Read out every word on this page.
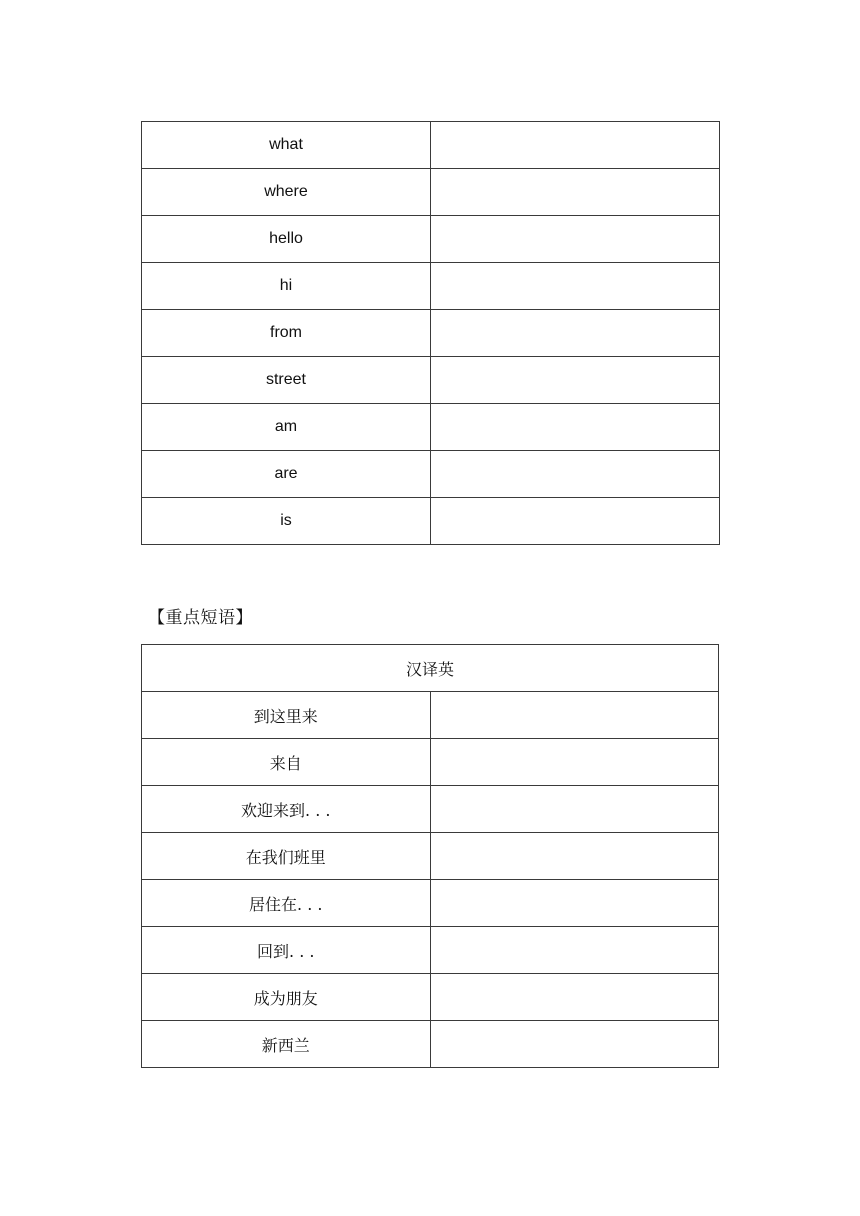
what	
where	
hello	
hi	
from	
street	
am	
are	
is	
【重点短语】
汉译英	
到这里来	
来自	
欢迎来到. . .	
在我们班里	
居住在. . .	
回到. . .	
成为朋友	
新西兰	
